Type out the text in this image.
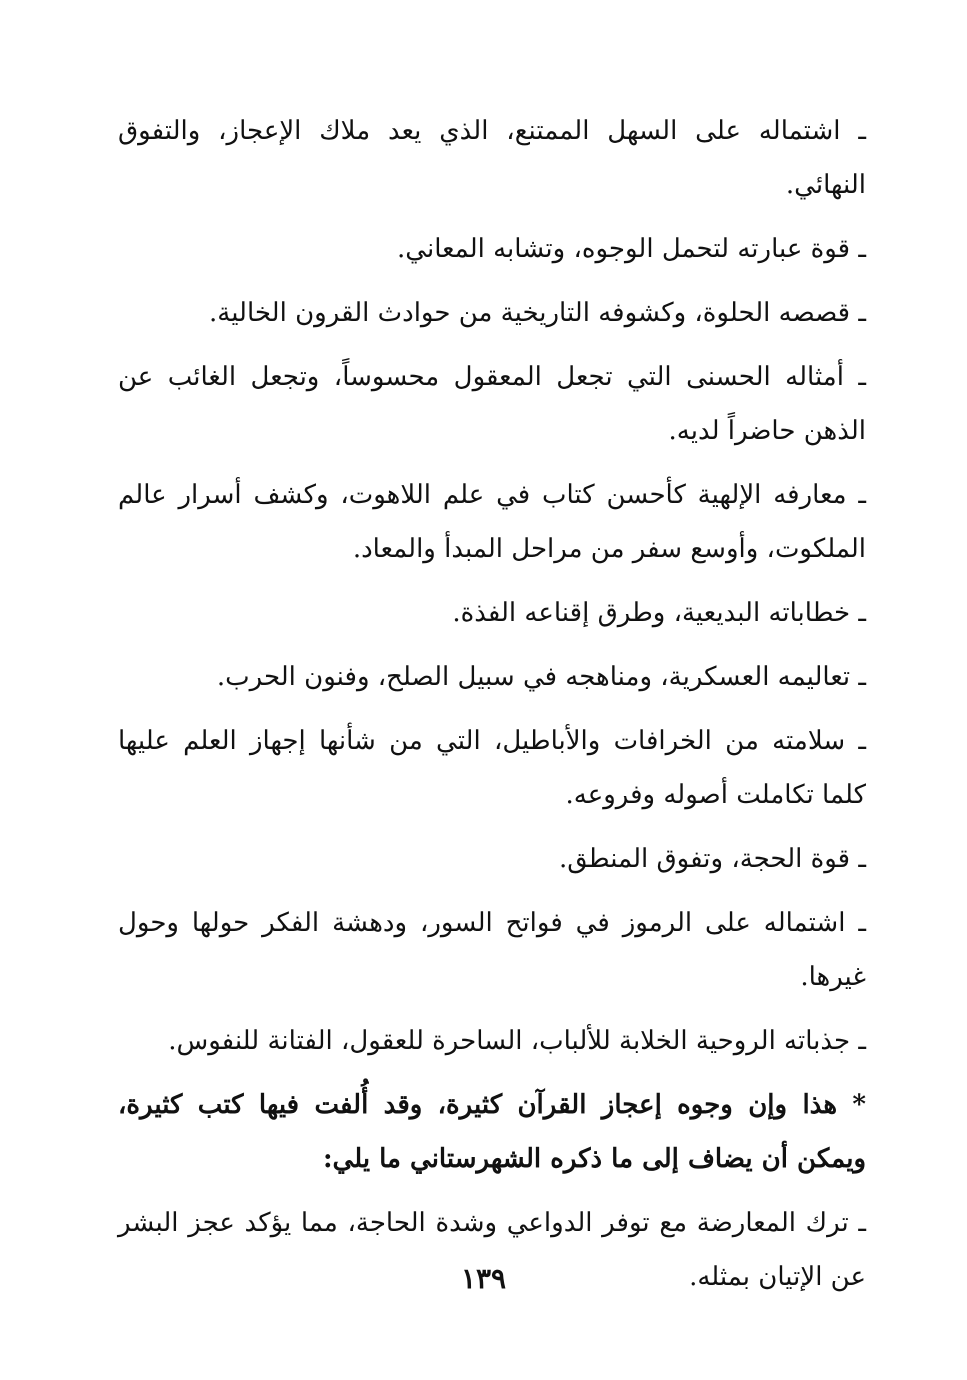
ـ اشتماله على السهل الممتنع، الذي يعد ملاك الإعجاز، والتفوق النهائي.

ـ قوة عبارته لتحمل الوجوه، وتشابه المعاني.

ـ قصصه الحلوة، وكشوفه التاريخية من حوادث القرون الخالية.

ـ أمثاله الحسنى التي تجعل المعقول محسوساً، وتجعل الغائب عن الذهن حاضراً لديه.

ـ معارفه الإلهية كأحسن كتاب في علم اللاهوت، وكشف أسرار عالم الملكوت، وأوسع سفر من مراحل المبدأ والمعاد.

ـ خطاباته البديعية، وطرق إقناعه الفذة.

ـ تعاليمه العسكرية، ومناهجه في سبيل الصلح، وفنون الحرب.

ـ سلامته من الخرافات والأباطيل، التي من شأنها إجهاز العلم عليها كلما تكاملت أصوله وفروعه.

ـ قوة الحجة، وتفوق المنطق.

ـ اشتماله على الرموز في فواتح السور، ودهشة الفكر حولها وحول غيرها.

ـ جذباته الروحية الخلابة للألباب، الساحرة للعقول، الفتانة للنفوس.

* هذا وإن وجوه إعجاز القرآن كثيرة، وقد أُلفت فيها كتب كثيرة، ويمكن أن يضاف إلى ما ذكره الشهرستاني ما يلي:

ـ ترك المعارضة مع توفر الدواعي وشدة الحاجة، مما يؤكد عجز البشر عن الإتيان بمثله.

١٣٩
